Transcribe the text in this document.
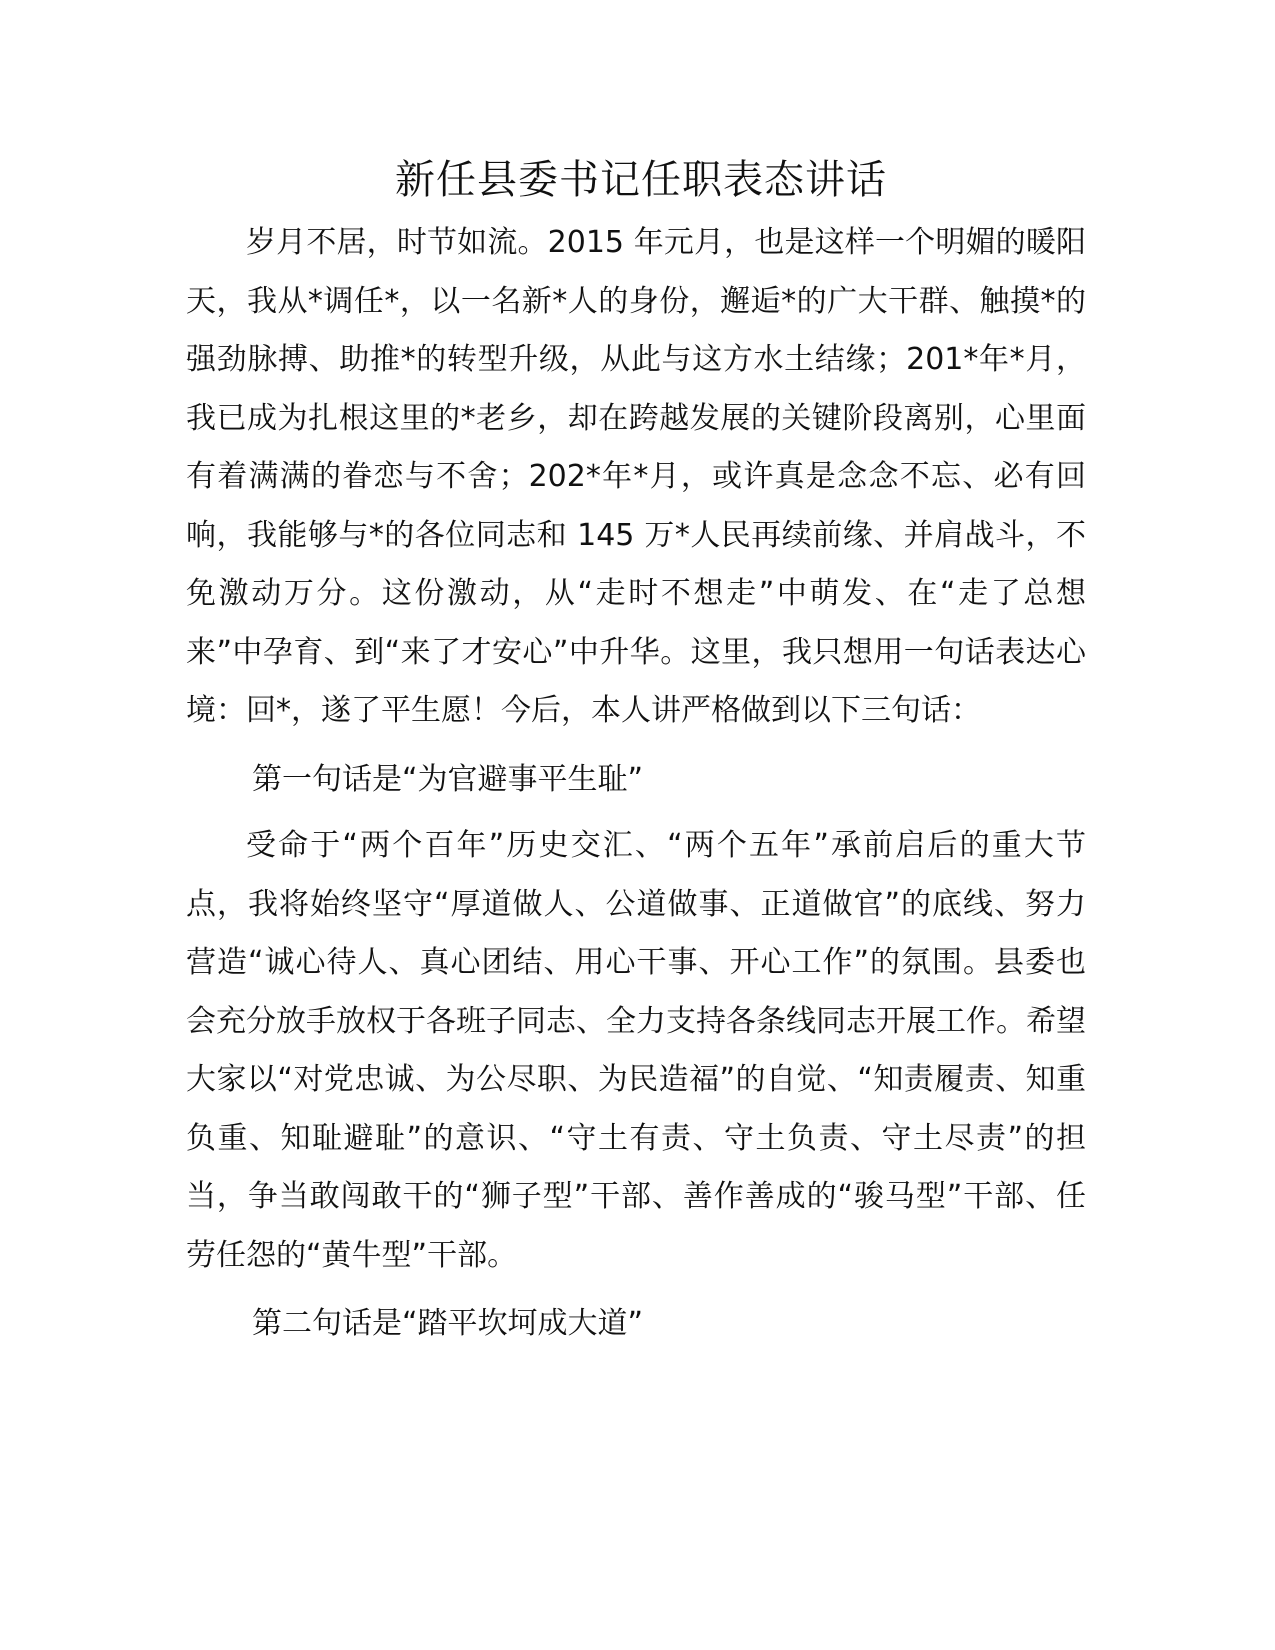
新任县委书记任职表态讲话

岁月不居，时节如流。2015 年元月，也是这样一个明媚的暖阳天，我从*调任*，以一名新*人的身份，邂逅*的广大干群、触摸*的强劲脉搏、助推*的转型升级，从此与这方水土结缘；201*年*月，我已成为扎根这里的*老乡，却在跨越发展的关键阶段离别，心里面有着满满的眷恋与不舍；202*年*月，或许真是念念不忘、必有回响，我能够与*的各位同志和 145 万*人民再续前缘、并肩战斗，不免激动万分。这份激动，从“走时不想走”中萌发、在“走了总想来”中孕育、到“来了才安心”中升华。这里，我只想用一句话表达心境：回*，遂了平生愿！今后，本人讲严格做到以下三句话：

第一句话是“为官避事平生耻”

受命于“两个百年”历史交汇、“两个五年”承前启后的重大节点，我将始终坚守“厚道做人、公道做事、正道做官”的底线、努力营造“诚心待人、真心团结、用心干事、开心工作”的氛围。县委也会充分放手放权于各班子同志、全力支持各条线同志开展工作。希望大家以“对党忠诚、为公尽职、为民造福”的自觉、“知责履责、知重负重、知耻避耻”的意识、“守土有责、守土负责、守土尽责”的担当，争当敢闯敢干的“狮子型”干部、善作善成的“骏马型”干部、任劳任怨的“黄牛型”干部。

第二句话是“踏平坎坷成大道”
